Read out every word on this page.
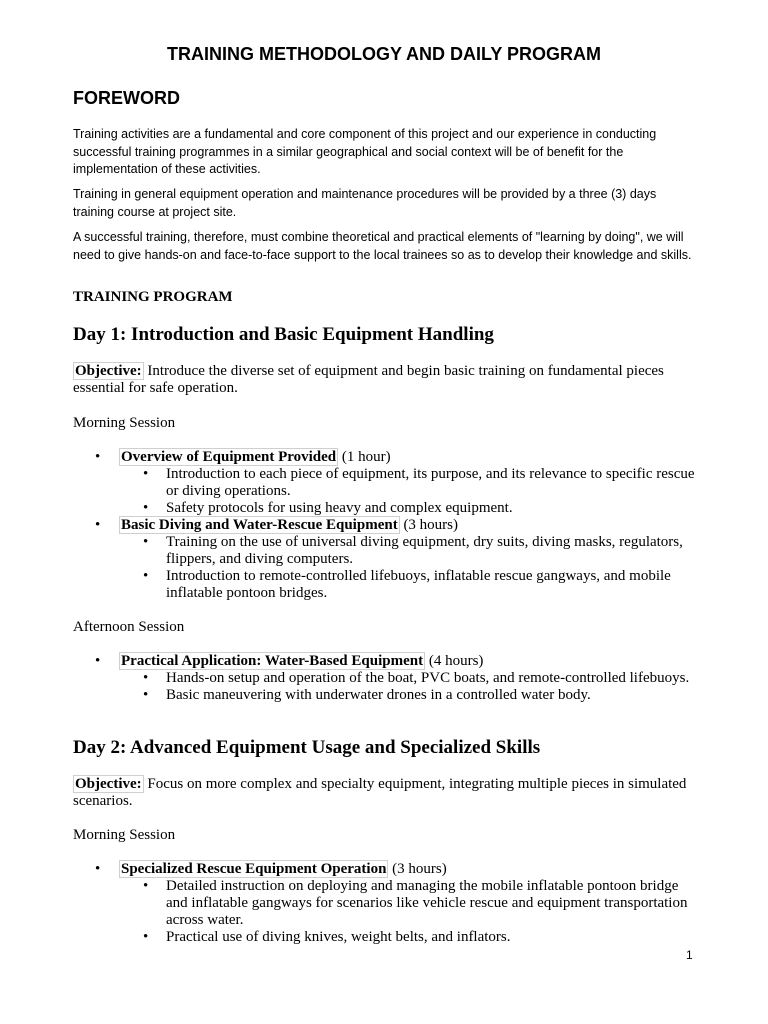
TRAINING METHODOLOGY AND DAILY PROGRAM
FOREWORD
Training activities are a fundamental and core component of this project and our experience in conducting successful training programmes in a similar geographical and social context will be of benefit for the implementation of these activities.
Training in general equipment operation and maintenance procedures will be provided by a three (3) days training course at project site.
A successful training, therefore, must combine theoretical and practical elements of "learning by doing", we will need to give hands-on and face-to-face support to the local trainees so as to develop their knowledge and skills.
TRAINING PROGRAM
Day 1: Introduction and Basic Equipment Handling
Objective: Introduce the diverse set of equipment and begin basic training on fundamental pieces essential for safe operation.
Morning Session
• Overview of Equipment Provided (1 hour)
• Introduction to each piece of equipment, its purpose, and its relevance to specific rescue or diving operations.
• Safety protocols for using heavy and complex equipment.
• Basic Diving and Water-Rescue Equipment (3 hours)
• Training on the use of universal diving equipment, dry suits, diving masks, regulators, flippers, and diving computers.
• Introduction to remote-controlled lifebuoys, inflatable rescue gangways, and mobile inflatable pontoon bridges.
Afternoon Session
• Practical Application: Water-Based Equipment (4 hours)
• Hands-on setup and operation of the boat, PVC boats, and remote-controlled lifebuoys.
• Basic maneuvering with underwater drones in a controlled water body.
Day 2: Advanced Equipment Usage and Specialized Skills
Objective: Focus on more complex and specialty equipment, integrating multiple pieces in simulated scenarios.
Morning Session
• Specialized Rescue Equipment Operation (3 hours)
• Detailed instruction on deploying and managing the mobile inflatable pontoon bridge and inflatable gangways for scenarios like vehicle rescue and equipment transportation across water.
• Practical use of diving knives, weight belts, and inflators.
1
